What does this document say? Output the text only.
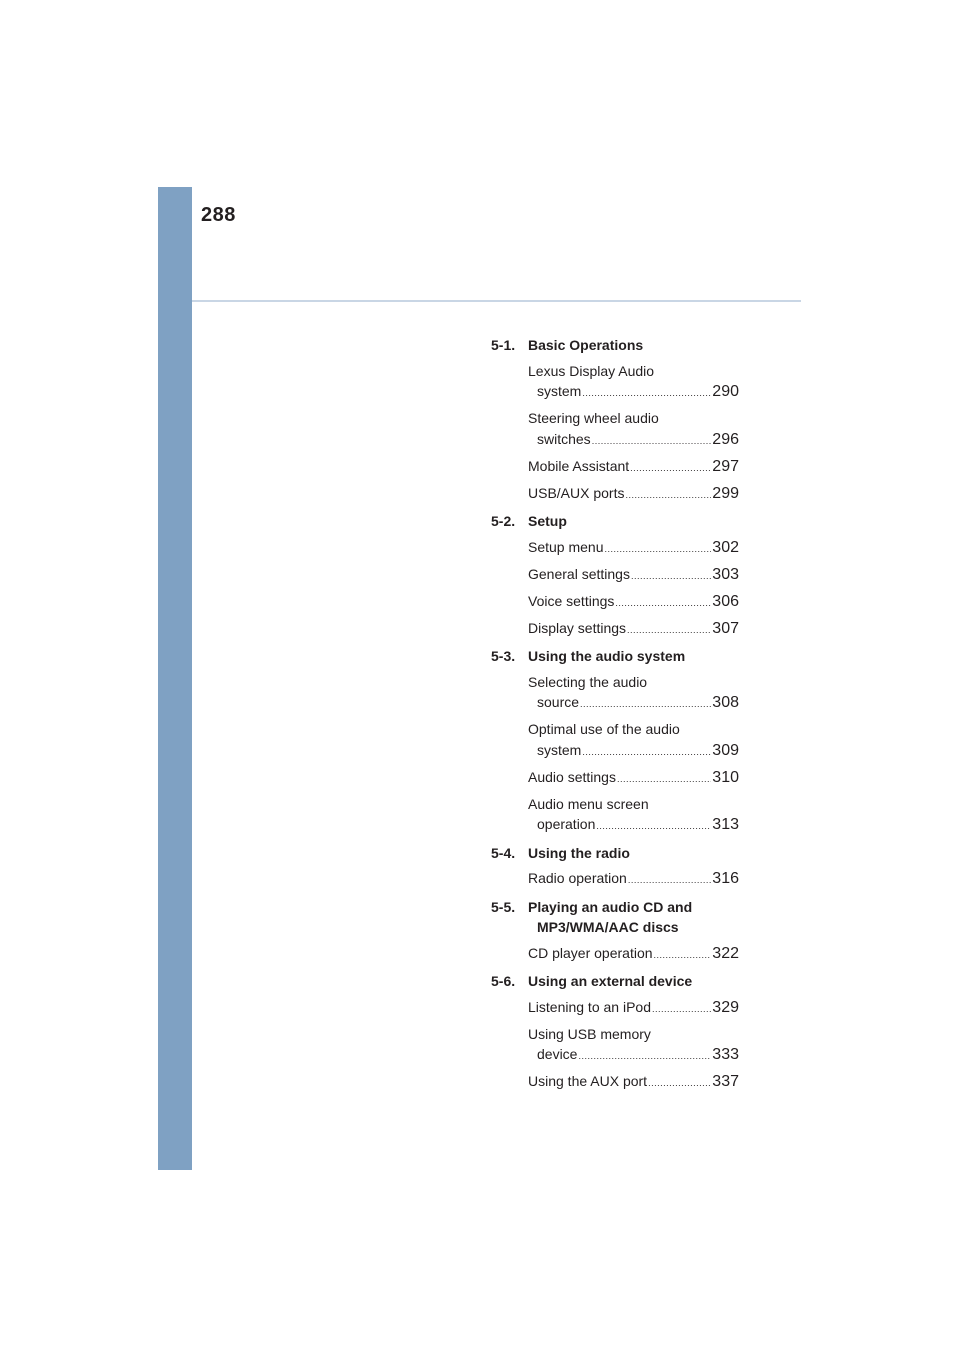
288
5-1. Basic Operations
Lexus Display Audio
system .....	290
Steering wheel audio
switches .....	296
Mobile Assistant .....	297
USB/AUX ports .....	299
5-2. Setup
Setup menu .....	302
General settings .....	303
Voice settings .....	306
Display settings .....	307
5-3. Using the audio system
Selecting the audio
source .....	308
Optimal use of the audio
system .....	309
Audio settings .....	310
Audio menu screen
operation .....	313
5-4. Using the radio
Radio operation .....	316
5-5. Playing an audio CD and
MP3/WMA/AAC discs
CD player operation .....	322
5-6. Using an external device
Listening to an iPod .....	329
Using USB memory
device .....	333
Using the AUX port .....	337
